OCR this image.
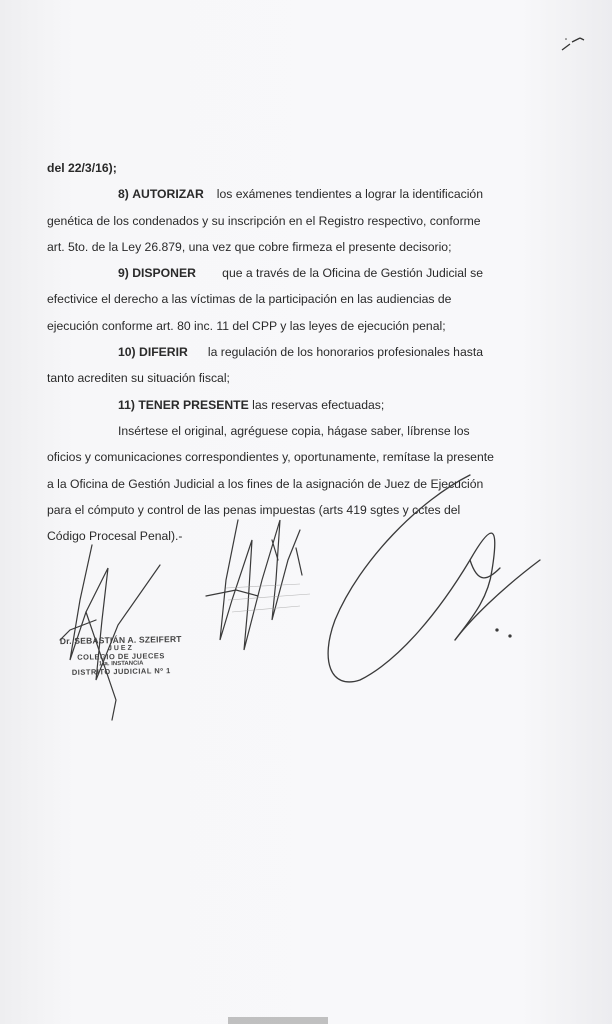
del 22/3/16);
8) AUTORIZAR los exámenes tendientes a lograr la identificación
genética de los condenados y su inscripción en el Registro respectivo, conforme
art. 5to. de la Ley 26.879, una vez que cobre firmeza el presente decisorio;
9) DISPONER que a través de la Oficina de Gestión Judicial se
efectivice el derecho a las víctimas de la participación en las audiencias de
ejecución conforme art. 80 inc. 11 del CPP y las leyes de ejecución penal;
10) DIFERIR la regulación de los honorarios profesionales hasta
tanto acrediten su situación fiscal;
11) TENER PRESENTE las reservas efectuadas;
Insértese el original, agréguese copia, hágase saber, líbrense los
oficios y comunicaciones correspondientes y, oportunamente, remítase la presente
a la Oficina de Gestión Judicial a los fines de la asignación de Juez de Ejecución
para el cómputo y control de las penas impuestas (arts 419 sgtes y cctes del
Código Procesal Penal).-
Dr. SEBASTIÁN A. SZEIFERT
JUEZ
COLEGIO DE JUECES
1ra. INSTANCIA
DISTRITO JUDICIAL Nº 1
